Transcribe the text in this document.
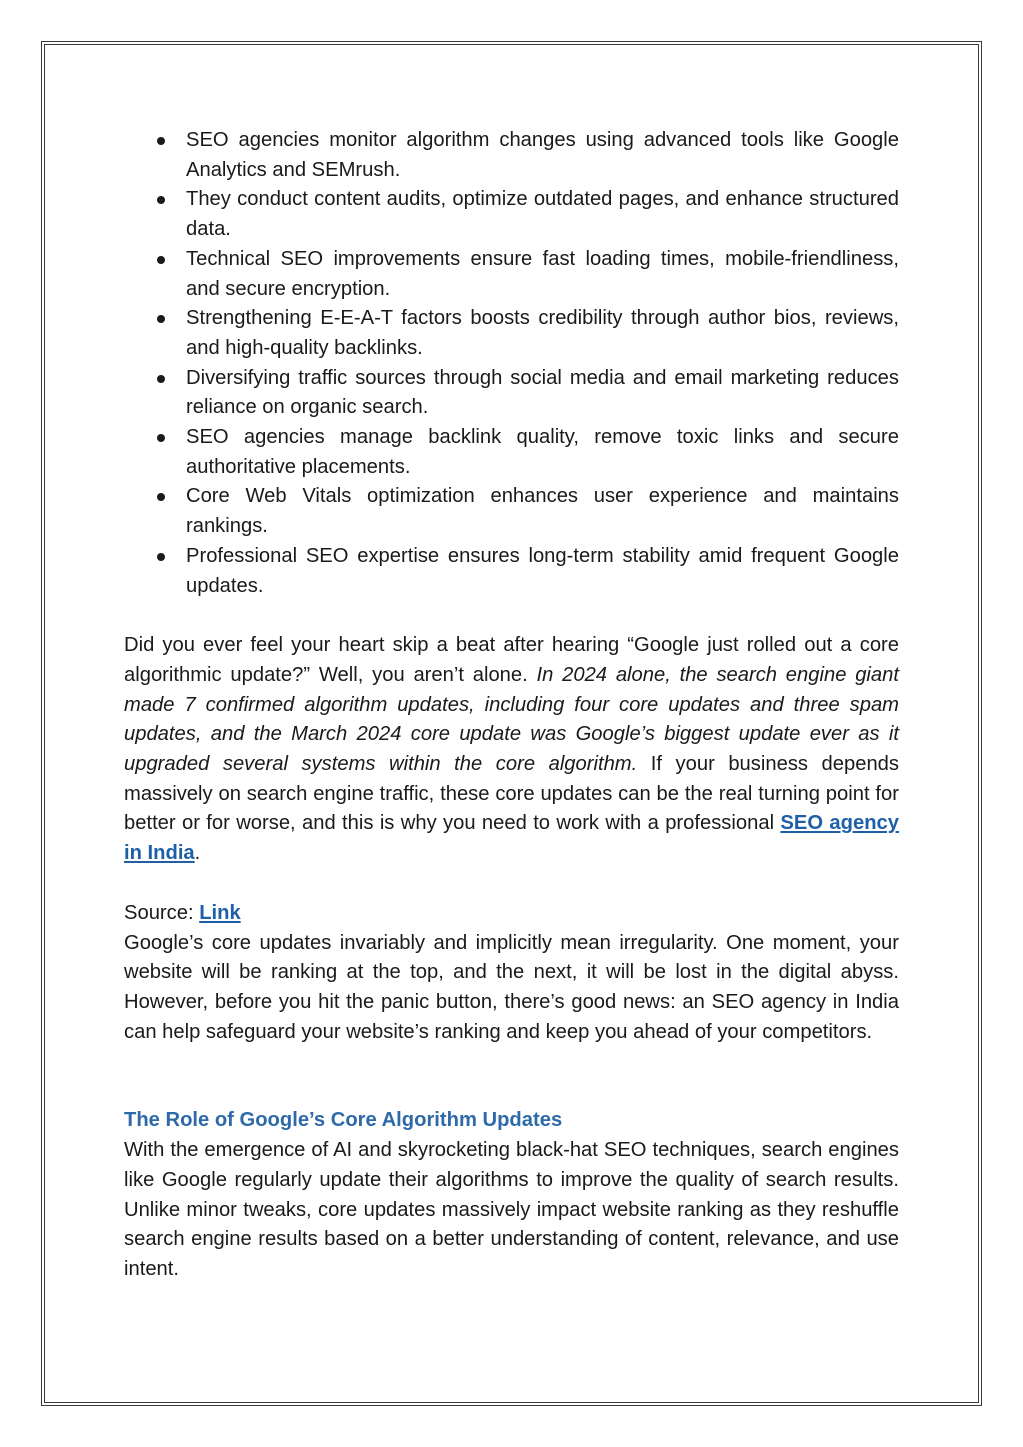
SEO agencies monitor algorithm changes using advanced tools like Google Analytics and SEMrush.
They conduct content audits, optimize outdated pages, and enhance structured data.
Technical SEO improvements ensure fast loading times, mobile-friendliness, and secure encryption.
Strengthening E-E-A-T factors boosts credibility through author bios, reviews, and high-quality backlinks.
Diversifying traffic sources through social media and email marketing reduces reliance on organic search.
SEO agencies manage backlink quality, remove toxic links and secure authoritative placements.
Core Web Vitals optimization enhances user experience and maintains rankings.
Professional SEO expertise ensures long-term stability amid frequent Google updates.

Did you ever feel your heart skip a beat after hearing “Google just rolled out a core algorithmic update?” Well, you aren’t alone. In 2024 alone, the search engine giant made 7 confirmed algorithm updates, including four core updates and three spam updates, and the March 2024 core update was Google’s biggest update ever as it upgraded several systems within the core algorithm. If your business depends massively on search engine traffic, these core updates can be the real turning point for better or for worse, and this is why you need to work with a professional SEO agency in India.

Source: Link

Google’s core updates invariably and implicitly mean irregularity. One moment, your website will be ranking at the top, and the next, it will be lost in the digital abyss. However, before you hit the panic button, there’s good news: an SEO agency in India can help safeguard your website’s ranking and keep you ahead of your competitors.

The Role of Google’s Core Algorithm Updates

With the emergence of AI and skyrocketing black-hat SEO techniques, search engines like Google regularly update their algorithms to improve the quality of search results. Unlike minor tweaks, core updates massively impact website ranking as they reshuffle search engine results based on a better understanding of content, relevance, and use intent.
